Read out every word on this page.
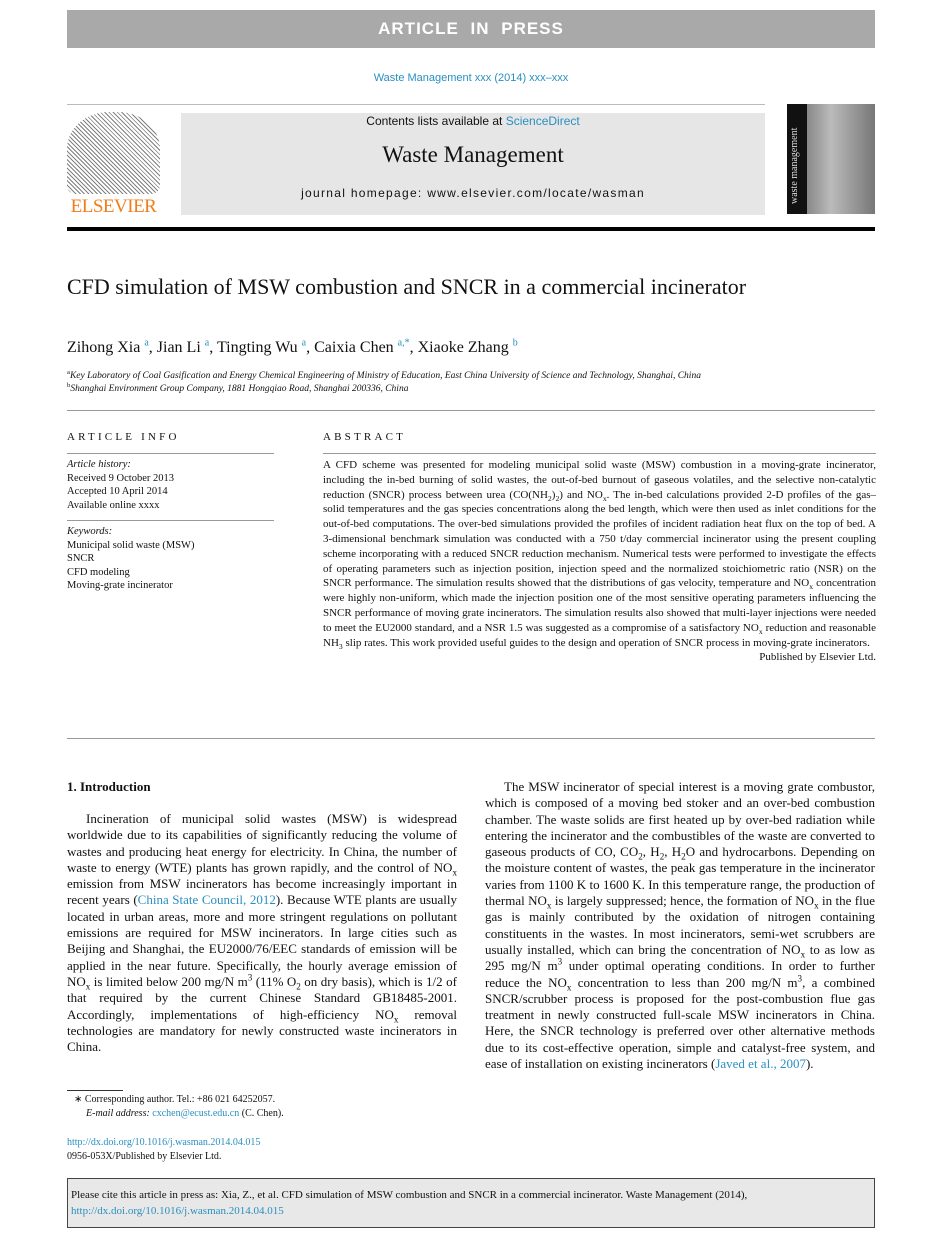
ARTICLE IN PRESS
Waste Management xxx (2014) xxx–xxx
ELSEVIER
Contents lists available at ScienceDirect
Waste Management
journal homepage: www.elsevier.com/locate/wasman	waste management
CFD simulation of MSW combustion and SNCR in a commercial incinerator
Zihong Xia $^a$, Jian Li $^a$, Tingting Wu $^a$, Caixia Chen $^{a,*}$, Xiaoke Zhang $^b$
$^a$Key Laboratory of Coal Gasification and Energy Chemical Engineering of Ministry of Education, East China University of Science and Technology, Shanghai, China
$^b$Shanghai Environment Group Company, 1881 Hongqiao Road, Shanghai 200336, China
ARTICLE INFO
Article history:
Received 9 October 2013
Accepted 10 April 2014
Available online xxxx
Keywords:
Municipal solid waste (MSW)
SNCR
CFD modeling
Moving-grate incinerator
ABSTRACT
A CFD scheme was presented for modeling municipal solid waste (MSW) combustion in a moving-grate incinerator, including the in-bed burning of solid wastes, the out-of-bed burnout of gaseous volatiles, and the selective non-catalytic reduction (SNCR) process between urea $(CO(NH_2)_2)$ and $NO_x$. The in-bed calculations provided 2-D profiles of the gas–solid temperatures and the gas species concentrations along the bed length, which were then used as inlet conditions for the out-of-bed computations. The over-bed simulations provided the profiles of incident radiation heat flux on the top of bed. A 3-dimensional benchmark simulation was conducted with a 750 t/day commercial incinerator using the present coupling scheme incorporating with a reduced SNCR reduction mechanism. Numerical tests were performed to investigate the effects of operating parameters such as injection position, injection speed and the normalized stoichiometric ratio (NSR) on the SNCR performance. The simulation results showed that the distributions of gas velocity, temperature and $NO_x$ concentration were highly non-uniform, which made the injection position one of the most sensitive operating parameters influencing the SNCR performance of moving grate incinerators. The simulation results also showed that multi-layer injections were needed to meet the EU2000 standard, and a NSR 1.5 was suggested as a compromise of a satisfactory $NO_x$ reduction and reasonable $NH_3$ slip rates. This work provided useful guides to the design and operation of SNCR process in moving-grate incinerators.
Published by Elsevier Ltd.
1. Introduction

Incineration of municipal solid wastes (MSW) is widespread worldwide due to its capabilities of significantly reducing the volume of wastes and producing heat energy for electricity. In China, the number of waste to energy (WTE) plants has grown rapidly, and the control of $NO_x$ emission from MSW incinerators has become increasingly important in recent years (China State Council, 2012). Because WTE plants are usually located in urban areas, more and more stringent regulations on pollutant emissions are required for MSW incinerators. In large cities such as Beijing and Shanghai, the EU2000/76/EEC standards of emission will be applied in the near future. Specifically, the hourly average emission of $NO_x$ is limited below 200 mg/N $m^3$ (11% $O_2$ on dry basis), which is 1/2 of that required by the current Chinese Standard GB18485-2001. Accordingly, implementations of high-efficiency $NO_x$ removal technologies are mandatory for newly constructed waste incinerators in China.

The MSW incinerator of special interest is a moving grate combustor, which is composed of a moving bed stoker and an over-bed combustion chamber. The waste solids are first heated up by over-bed radiation while entering the incinerator and the combustibles of the waste are converted to gaseous products of CO, $CO_2$, $H_2$, $H_2O$ and hydrocarbons. Depending on the moisture content of wastes, the peak gas temperature in the incinerator varies from 1100 K to 1600 K. In this temperature range, the production of thermal $NO_x$ is largely suppressed; hence, the formation of $NO_x$ in the flue gas is mainly contributed by the oxidation of nitrogen containing constituents in the wastes. In most incinerators, semi-wet scrubbers are usually installed, which can bring the concentration of $NO_x$ to as low as 295 mg/N $m^3$ under optimal operating conditions. In order to further reduce the $NO_x$ concentration to less than 200 mg/N $m^3$, a combined SNCR/scrubber process is proposed for the post-combustion flue gas treatment in newly constructed full-scale MSW incinerators in China. Here, the SNCR technology is preferred over other alternative methods due to its cost-effective operation, simple and catalyst-free system, and ease of installation on existing incinerators (Javed et al., 2007).

∗ Corresponding author. Tel.: +86 021 64252057.
E-mail address: cxchen@ecust.edu.cn (C. Chen).
http://dx.doi.org/10.1016/j.wasman.2014.04.015
0956-053X/Published by Elsevier Ltd.
Please cite this article in press as: Xia, Z., et al. CFD simulation of MSW combustion and SNCR in a commercial incinerator. Waste Management (2014),
http://dx.doi.org/10.1016/j.wasman.2014.04.015
